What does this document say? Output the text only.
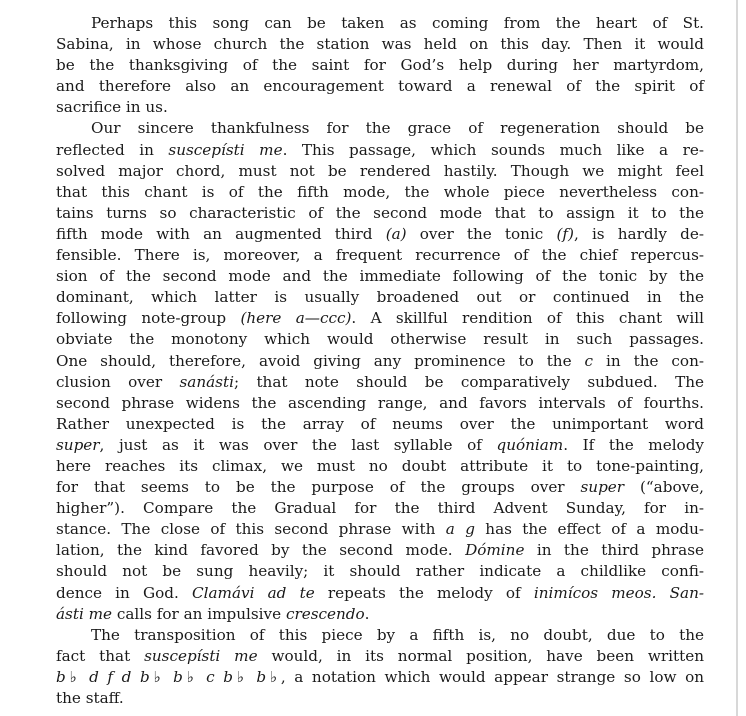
Perhaps this song can be taken as coming from the heart of St.
Sabina, in whose church the station was held on this day. Then it would
be the thanksgiving of the saint for God’s help during her martyrdom,
and therefore also an encouragement toward a renewal of the spirit of
sacrifice in us.
Our sincere thankfulness for the grace of regeneration should be
reflected in suscepísti me. This passage, which sounds much like a re-
solved major chord, must not be rendered hastily. Though we might feel
that this chant is of the fifth mode, the whole piece nevertheless con-
tains turns so characteristic of the second mode that to assign it to the
fifth mode with an augmented third (a) over the tonic (f), is hardly de-
fensible. There is, moreover, a frequent recurrence of the chief repercus-
sion of the second mode and the immediate following of the tonic by the
dominant, which latter is usually broadened out or continued in the
following note-group (here a—ccc). A skillful rendition of this chant will
obviate the monotony which would otherwise result in such passages.
One should, therefore, avoid giving any prominence to the c in the con-
clusion over sanásti; that note should be comparatively subdued. The
second phrase widens the ascending range, and favors intervals of fourths.
Rather unexpected is the array of neums over the unimportant word
super, just as it was over the last syllable of quóniam. If the melody
here reaches its climax, we must no doubt attribute it to tone-painting,
for that seems to be the purpose of the groups over super (“above,
higher”). Compare the Gradual for the third Advent Sunday, for in-
stance. The close of this second phrase with a g has the effect of a modu-
lation, the kind favored by the second mode. Dómine in the third phrase
should not be sung heavily; it should rather indicate a childlike confi-
dence in God. Clamávi ad te repeats the melody of inimícos meos. San-
ásti me calls for an impulsive crescendo.
The transposition of this piece by a fifth is, no doubt, due to the
fact that suscepísti me would, in its normal position, have been written
b♭ d f d b♭ b♭ c b♭ b♭, a notation which would appear strange so low on
the staff.
